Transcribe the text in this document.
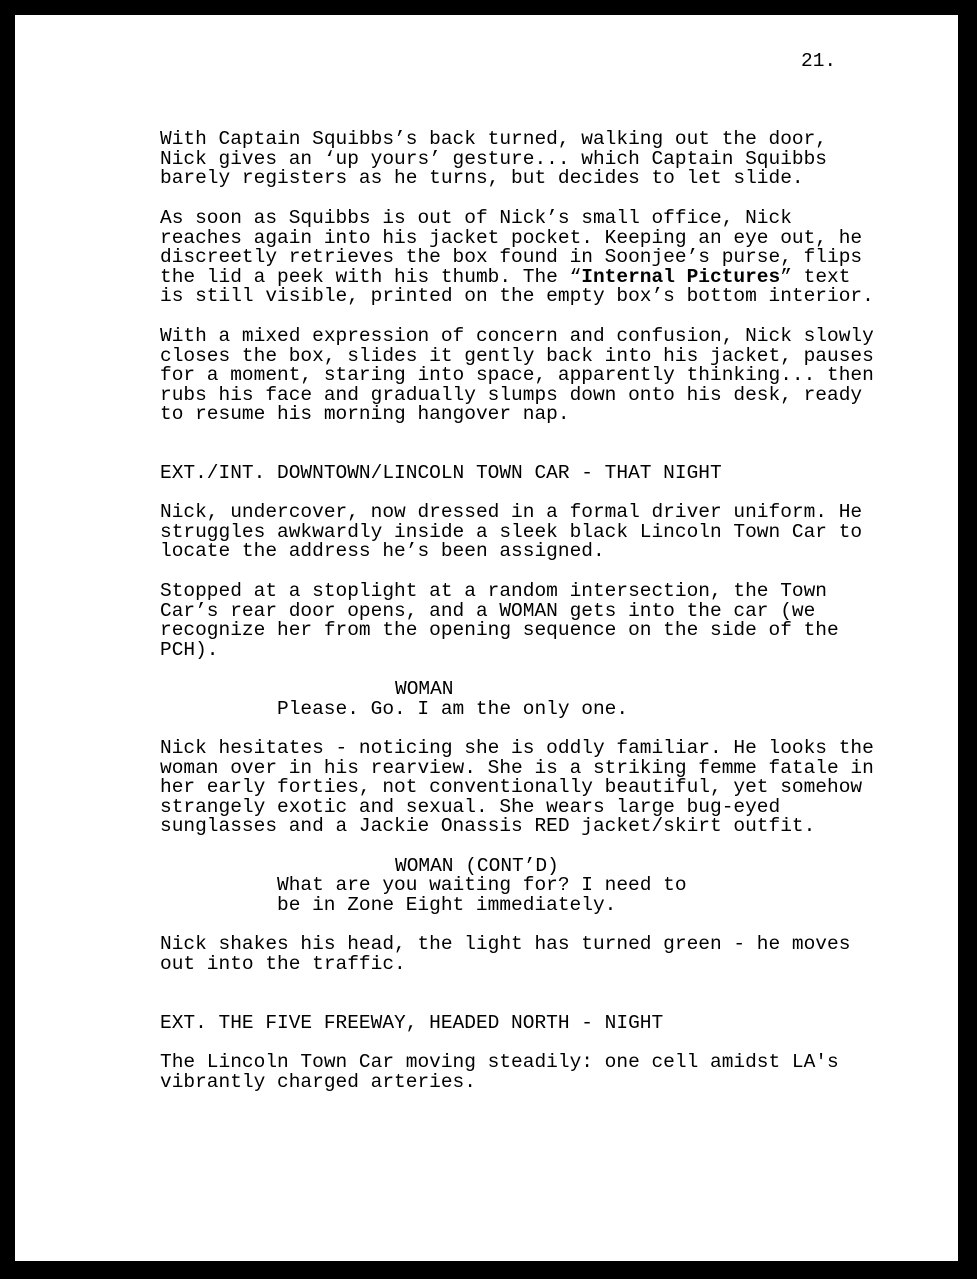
21.
With Captain Squibbs’s back turned, walking out the door,
Nick gives an ‘up yours’ gesture... which Captain Squibbs
barely registers as he turns, but decides to let slide.
As soon as Squibbs is out of Nick’s small office, Nick
reaches again into his jacket pocket. Keeping an eye out, he
discreetly retrieves the box found in Soonjee’s purse, flips
the lid a peek with his thumb. The “Internal Pictures” text
is still visible, printed on the empty box’s bottom interior.
With a mixed expression of concern and confusion, Nick slowly
closes the box, slides it gently back into his jacket, pauses
for a moment, staring into space, apparently thinking... then
rubs his face and gradually slumps down onto his desk, ready
to resume his morning hangover nap.
EXT./INT. DOWNTOWN/LINCOLN TOWN CAR - THAT NIGHT
Nick, undercover, now dressed in a formal driver uniform. He
struggles awkwardly inside a sleek black Lincoln Town Car to
locate the address he’s been assigned.
Stopped at a stoplight at a random intersection, the Town
Car’s rear door opens, and a WOMAN gets into the car (we
recognize her from the opening sequence on the side of the
PCH).
WOMAN
Please. Go. I am the only one.
Nick hesitates - noticing she is oddly familiar. He looks the
woman over in his rearview. She is a striking femme fatale in
her early forties, not conventionally beautiful, yet somehow
strangely exotic and sexual. She wears large bug-eyed
sunglasses and a Jackie Onassis RED jacket/skirt outfit.
WOMAN (CONT’D)
What are you waiting for? I need to
be in Zone Eight immediately.
Nick shakes his head, the light has turned green - he moves
out into the traffic.
EXT. THE FIVE FREEWAY, HEADED NORTH - NIGHT
The Lincoln Town Car moving steadily: one cell amidst LA's
vibrantly charged arteries.
